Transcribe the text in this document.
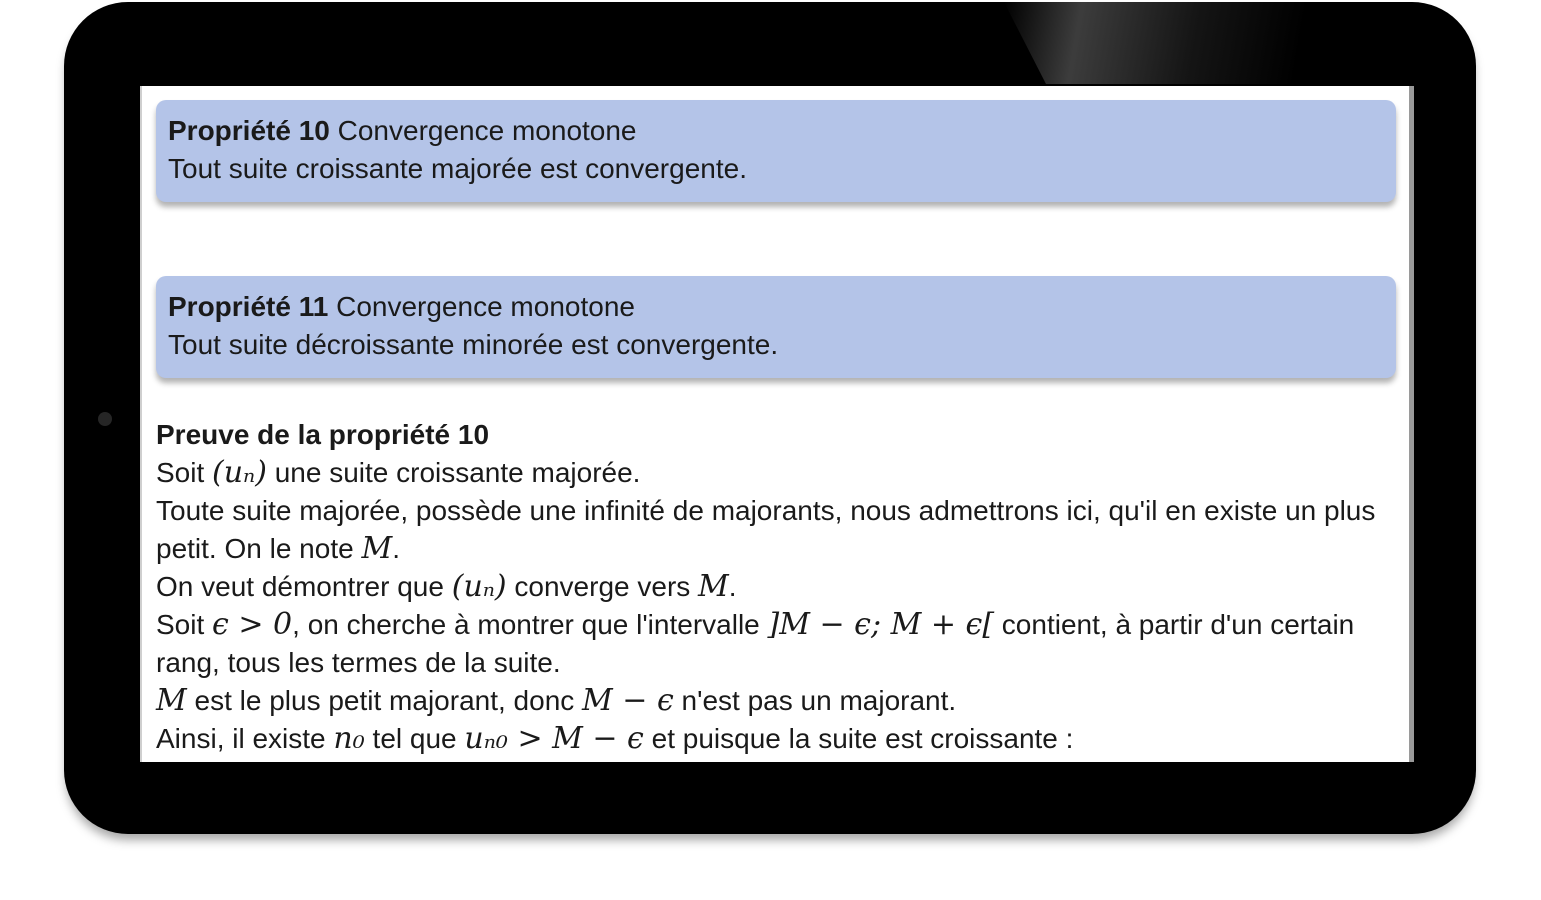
Propriété 10 Convergence monotone
Tout suite croissante majorée est convergente.
Propriété 11 Convergence monotone
Tout suite décroissante minorée est convergente.

Preuve de la propriété 10

Soit (uₙ) une suite croissante majorée.

Toute suite majorée, possède une infinité de majorants, nous admettrons ici, qu'il en existe un plus petit. On le note M.

On veut démontrer que (uₙ) converge vers M.

Soit ϵ > 0, on cherche à montrer que l'intervalle ]M − ϵ; M + ϵ[ contient, à partir d'un certain rang, tous les termes de la suite.

M est le plus petit majorant, donc M − ϵ n'est pas un majorant.

Ainsi, il existe n₀ tel que uₙ₀ > M − ϵ et puisque la suite est croissante :
